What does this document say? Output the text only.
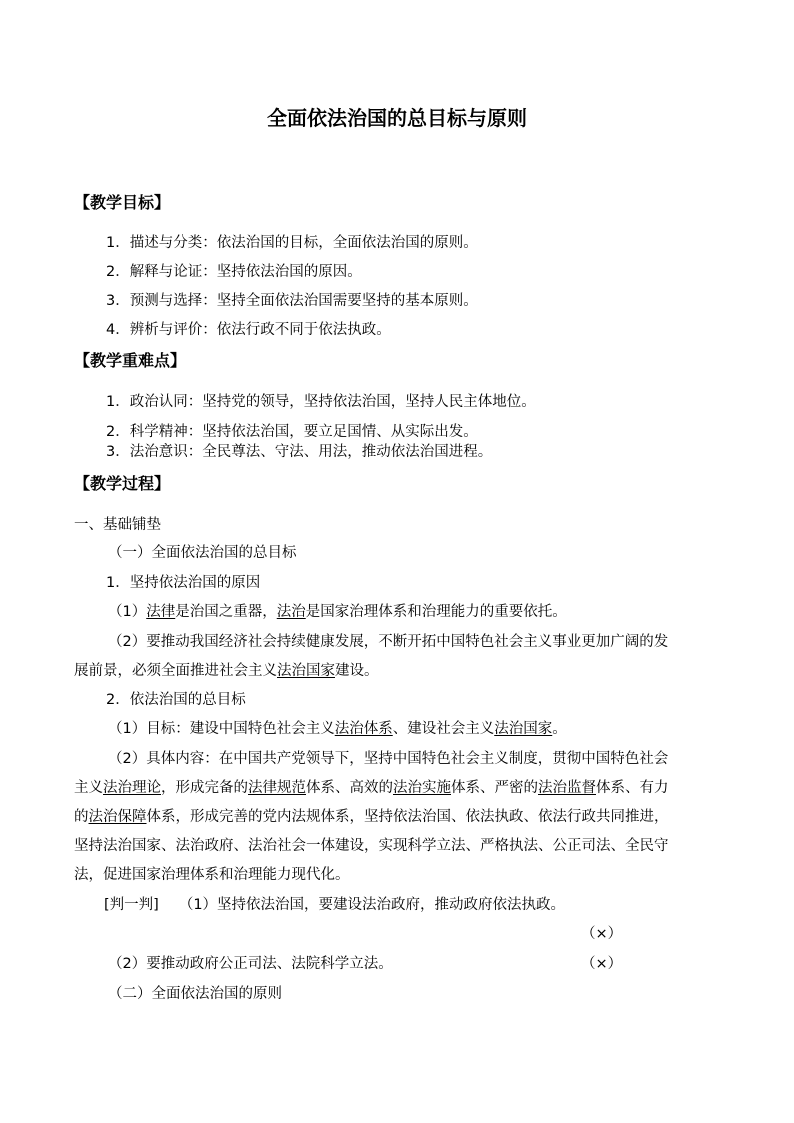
全面依法治国的总目标与原则
【教学目标】
1．描述与分类：依法治国的目标，全面依法治国的原则。
2．解释与论证：坚持依法治国的原因。
3．预测与选择：坚持全面依法治国需要坚持的基本原则。
4．辨析与评价：依法行政不同于依法执政。
【教学重难点】
1．政治认同：坚持党的领导，坚持依法治国，坚持人民主体地位。
2．科学精神：坚持依法治国，要立足国情、从实际出发。
3．法治意识：全民尊法、守法、用法，推动依法治国进程。
【教学过程】
一、基础铺垫
（一）全面依法治国的总目标
1．坚持依法治国的原因
（1）法律是治国之重器，法治是国家治理体系和治理能力的重要依托。
（2）要推动我国经济社会持续健康发展，不断开拓中国特色社会主义事业更加广阔的发
展前景，必须全面推进社会主义法治国家建设。
2．依法治国的总目标
（1）目标：建设中国特色社会主义法治体系、建设社会主义法治国家。
（2）具体内容：在中国共产党领导下，坚持中国特色社会主义制度，贯彻中国特色社会
主义法治理论，形成完备的法律规范体系、高效的法治实施体系、严密的法治监督体系、有力
的法治保障体系，形成完善的党内法规体系，坚持依法治国、依法执政、依法行政共同推进，
坚持法治国家、法治政府、法治社会一体建设，实现科学立法、严格执法、公正司法、全民守
法，促进国家治理体系和治理能力现代化。
[判一判] （1）坚持依法治国，要建设法治政府，推动政府依法执政。
（×）
（2）要推动政府公正司法、法院科学立法。	（×）
（二）全面依法治国的原则
